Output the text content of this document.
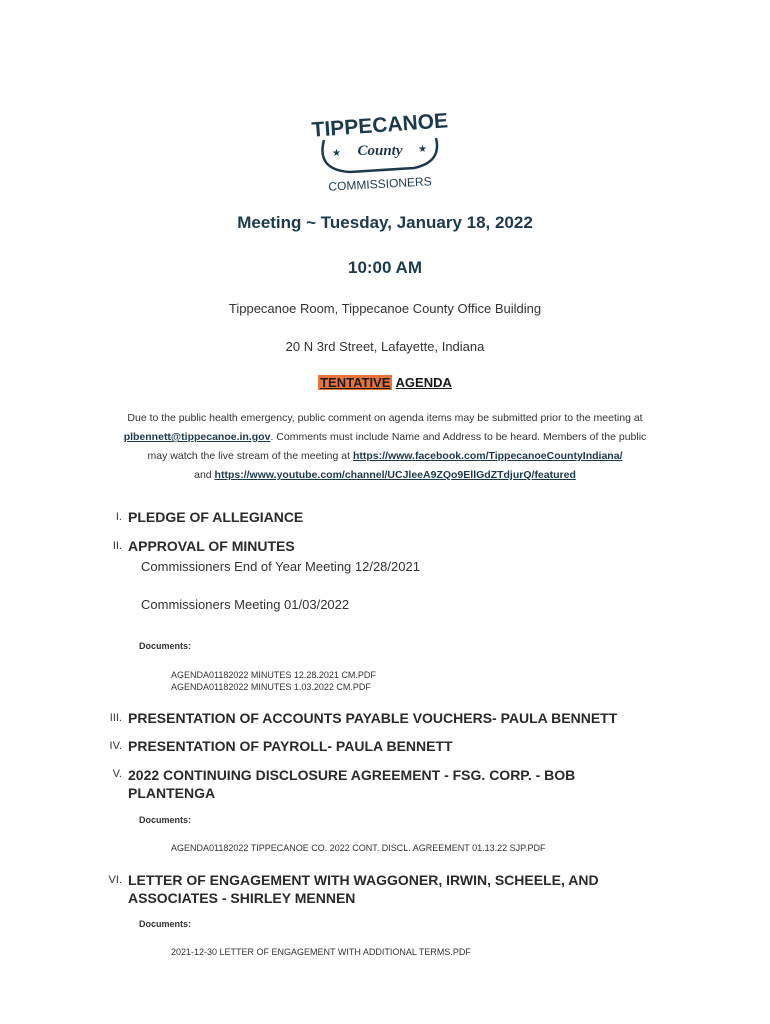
TIPPECANOE
★ County ★
COMMISSIONERS
Meeting ~ Tuesday, January 18, 2022
10:00 AM
Tippecanoe Room, Tippecanoe County Office Building
20 N 3rd Street, Lafayette, Indiana
TENTATIVE AGENDA
Due to the public health emergency, public comment on agenda items may be submitted prior to the meeting at
plbennett@tippecanoe.in.gov. Comments must include Name and Address to be heard. Members of the public
may watch the live stream of the meeting at https://www.facebook.com/TippecanoeCountyIndiana/
and https://www.youtube.com/channel/UCJleeA9ZQo9EllGdZTdjurQ/featured
I. PLEDGE OF ALLEGIANCE
II. APPROVAL OF MINUTES
Commissioners End of Year Meeting 12/28/2021
Commissioners Meeting 01/03/2022
Documents:
AGENDA01182022 MINUTES 12.28.2021 CM.PDF
AGENDA01182022 MINUTES 1.03.2022 CM.PDF
III. PRESENTATION OF ACCOUNTS PAYABLE VOUCHERS- PAULA BENNETT
IV. PRESENTATION OF PAYROLL- PAULA BENNETT
V. 2022 CONTINUING DISCLOSURE AGREEMENT - FSG. CORP. - BOB
PLANTENGA
Documents:
AGENDA01182022 TIPPECANOE CO. 2022 CONT. DISCL. AGREEMENT 01.13.22 SJP.PDF
VI. LETTER OF ENGAGEMENT WITH WAGGONER, IRWIN, SCHEELE, AND
ASSOCIATES - SHIRLEY MENNEN
Documents:
2021-12-30 LETTER OF ENGAGEMENT WITH ADDITIONAL TERMS.PDF
